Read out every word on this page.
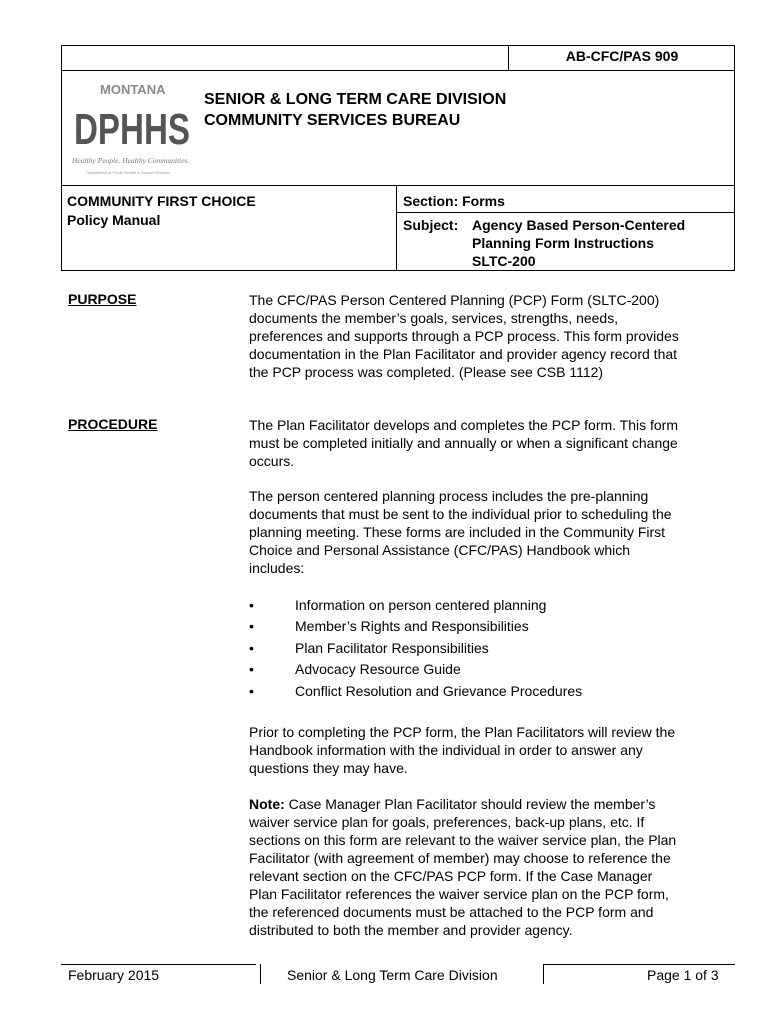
AB-CFC/PAS 909
MONTANA
DPHHS
Healthy People. Healthy Communities.
Department of Public Health & Human Services
SENIOR & LONG TERM CARE DIVISION
COMMUNITY SERVICES BUREAU
COMMUNITY FIRST CHOICE
Policy Manual
Section: Forms
Subject: Agency Based Person-Centered
Planning Form Instructions
SLTC-200
PURPOSE	The CFC/PAS Person Centered Planning (PCP) Form (SLTC-200)
documents the member’s goals, services, strengths, needs,
preferences and supports through a PCP process. This form provides
documentation in the Plan Facilitator and provider agency record that
the PCP process was completed. (Please see CSB 1112)
PROCEDURE	The Plan Facilitator develops and completes the PCP form. This form
must be completed initially and annually or when a significant change
occurs.
The person centered planning process includes the pre-planning
documents that must be sent to the individual prior to scheduling the
planning meeting. These forms are included in the Community First
Choice and Personal Assistance (CFC/PAS) Handbook which
includes:
•	Information on person centered planning
•	Member’s Rights and Responsibilities
•	Plan Facilitator Responsibilities
•	Advocacy Resource Guide
•	Conflict Resolution and Grievance Procedures
Prior to completing the PCP form, the Plan Facilitators will review the
Handbook information with the individual in order to answer any
questions they may have.
Note: Case Manager Plan Facilitator should review the member’s
waiver service plan for goals, preferences, back-up plans, etc. If
sections on this form are relevant to the waiver service plan, the Plan
Facilitator (with agreement of member) may choose to reference the
relevant section on the CFC/PAS PCP form. If the Case Manager
Plan Facilitator references the waiver service plan on the PCP form,
the referenced documents must be attached to the PCP form and
distributed to both the member and provider agency.
February 2015	Senior & Long Term Care Division	Page 1 of 3
